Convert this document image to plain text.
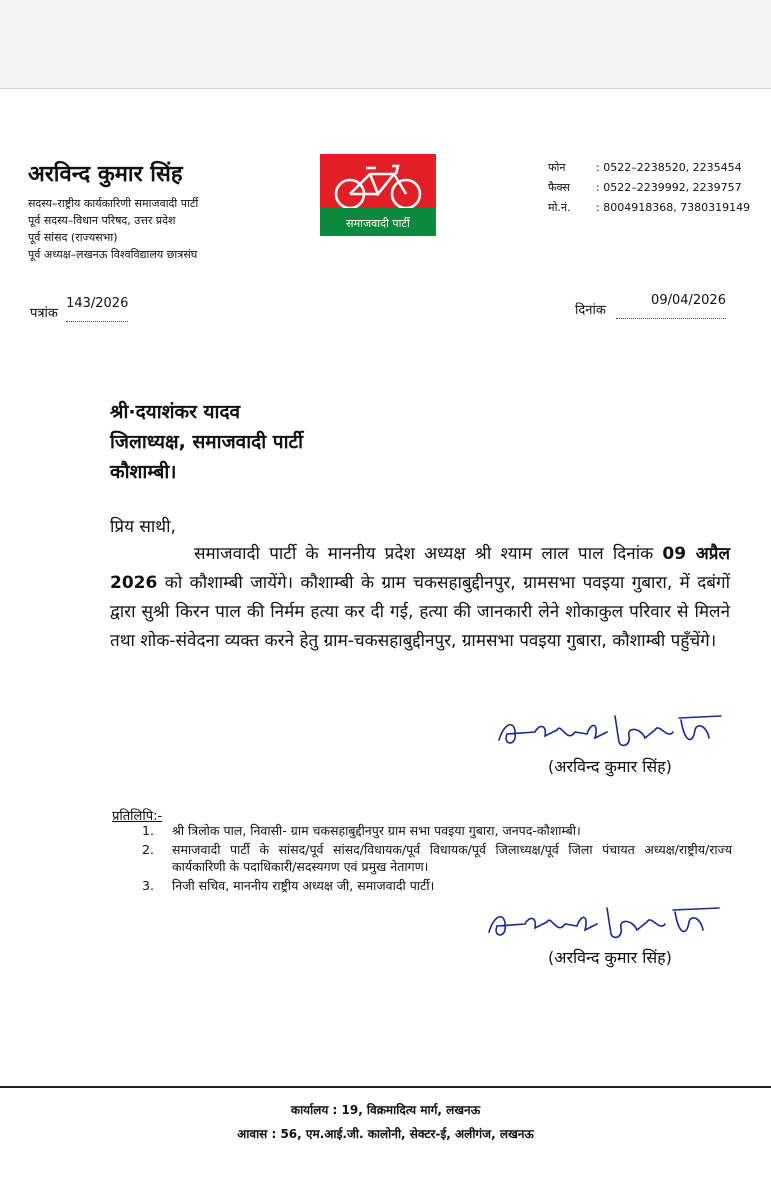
अरविन्द कुमार सिंह
सदस्य–राष्ट्रीय कार्यकारिणी समाजवादी पार्टी
पूर्व सदस्य–विधान परिषद, उत्तर प्रदेश
पूर्व सांसद (राज्यसभा)
पूर्व अध्यक्ष–लखनऊ विश्वविद्यालय छात्रसंघ
समाजवादी पार्टी
फोन	: 0522–2238520, 2235454
फैक्स : 0522–2239992, 2239757
मो.नं. : 8004918368, 7380319149
पत्रांक 143/2026	दिनांक 09/04/2026
श्री·दयाशंकर यादव
जिलाध्यक्ष, समाजवादी पार्टी
कौशाम्बी।
प्रिय साथी,
समाजवादी पार्टी के माननीय प्रदेश अध्यक्ष श्री श्याम लाल पाल दिनांक 09 अप्रैल 2026 को कौशाम्बी जायेंगे। कौशाम्बी के ग्राम चकसहाबुद्दीनपुर, ग्रामसभा पवइया गुबारा, में दबंगों द्वारा सुश्री किरन पाल की निर्मम हत्या कर दी गई, हत्या की जानकारी लेने शोकाकुल परिवार से मिलने तथा शोक-संवेदना व्यक्त करने हेतु ग्राम-चकसहाबुद्दीनपुर, ग्रामसभा पवइया गुबारा, कौशाम्बी पहुँचेंगे।
(अरविन्द कुमार सिंह)
प्रतिलिपि:-
1.	श्री त्रिलोक पाल, निवासी- ग्राम चकसहाबुद्दीनपुर ग्राम सभा पवइया गुबारा, जनपद-कौशाम्बी।
2.	समाजवादी पार्टी के सांसद/पूर्व सांसद/विधायक/पूर्व विधायक/पूर्व जिलाध्यक्ष/पूर्व जिला पंचायत अध्यक्ष/राष्ट्रीय/राज्य कार्यकारिणी के पदाधिकारी/सदस्यगण एवं प्रमुख नेतागण।
3.	निजी सचिव, माननीय राष्ट्रीय अध्यक्ष जी, समाजवादी पार्टी।
(अरविन्द कुमार सिंह)
कार्यालय : 19, विक्रमादित्य मार्ग, लखनऊ
आवास : 56, एम.आई.जी. कालोनी, सेक्टर-ई, अलीगंज, लखनऊ
